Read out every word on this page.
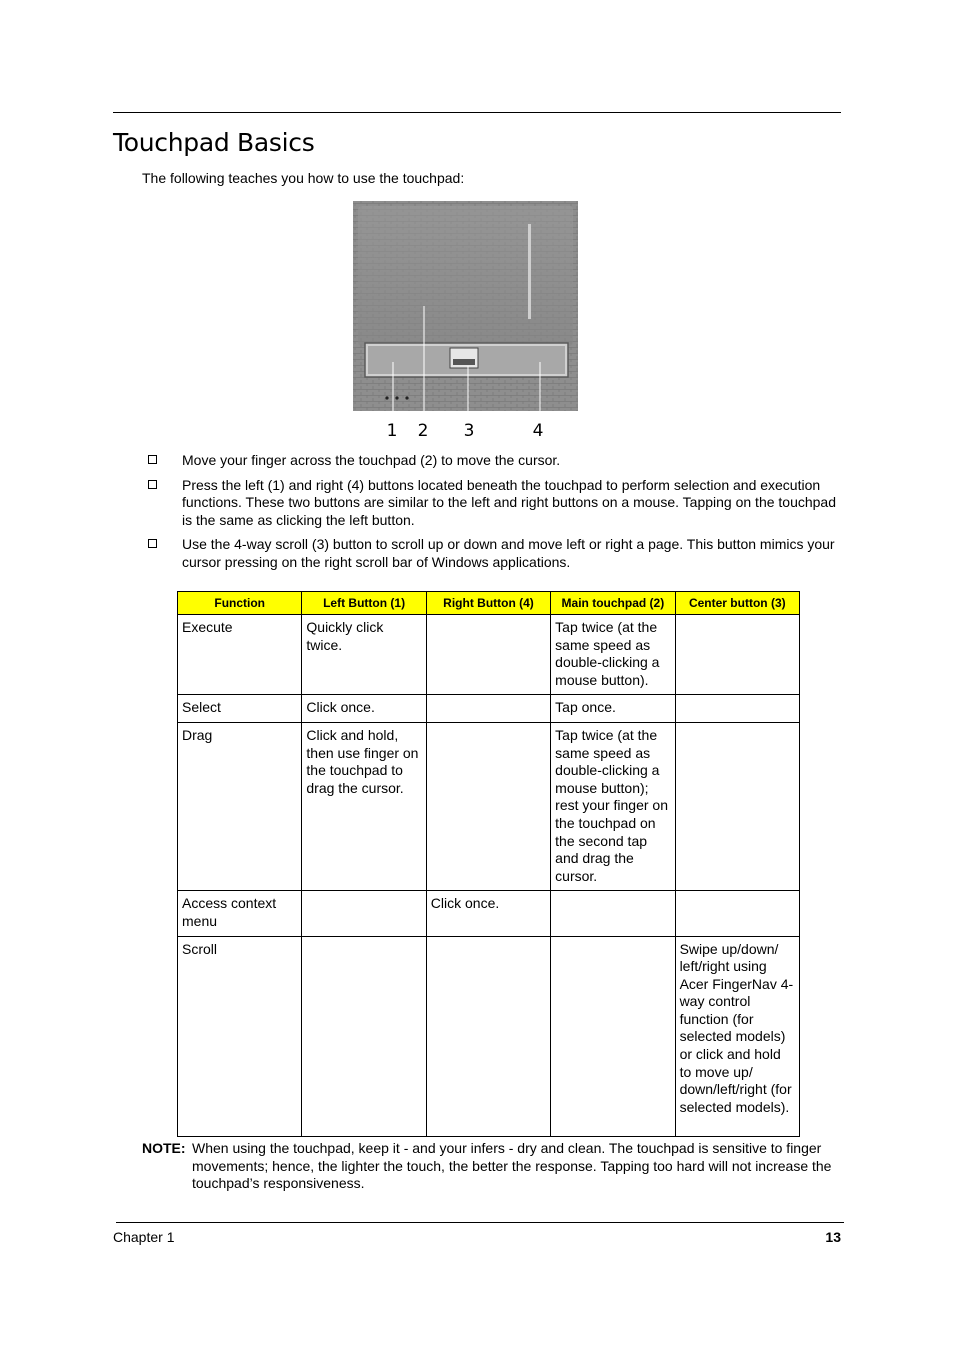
Touchpad Basics
The following teaches you how to use the touchpad:
1 2 3	4
Move your finger across the touchpad (2) to move the cursor.
Press the left (1) and right (4) buttons located beneath the touchpad to perform selection and execution functions. These two buttons are similar to the left and right buttons on a mouse. Tapping on the touchpad is the same as clicking the left button.
Use the 4-way scroll (3) button to scroll up or down and move left or right a page. This button mimics your cursor pressing on the right scroll bar of Windows applications.
Function	Left Button (1)	Right Button (4)	Main touchpad (2)	Center button (3)
Execute	Quickly click twice.		Tap twice (at the same speed as double-clicking a mouse button).	
Select	Click once.		Tap once.	
Drag	Click and hold, then use finger on the touchpad to drag the cursor.		Tap twice (at the same speed as double-clicking a mouse button); rest your finger on the touchpad on the second tap and drag the cursor.	
Access context menu		Click once.		
Scroll				Swipe up/down/ left/right using Acer FingerNav 4-way control function (for selected models) or click and hold to move up/ down/left/right (for selected models).
NOTE: When using the touchpad, keep it - and your infers - dry and clean. The touchpad is sensitive to finger movements; hence, the lighter the touch, the better the response. Tapping too hard will not increase the touchpad’s responsiveness.
Chapter 1	13
